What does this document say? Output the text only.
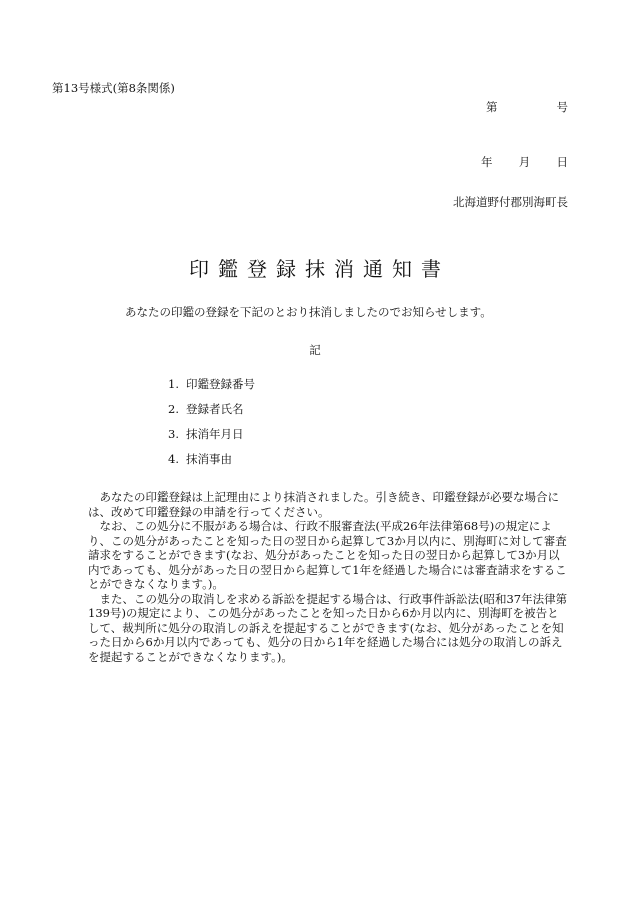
第13号様式(第8条関係)
第	号
年 月 日
北海道野付郡別海町長
印鑑登録抹消通知書
あなたの印鑑の登録を下記のとおり抹消しましたのでお知らせします。
記
1. 印鑑登録番号
2. 登録者氏名
3. 抹消年月日
4. 抹消事由

あなたの印鑑登録は上記理由により抹消されました。引き続き、印鑑登録が必要な場合には、改めて印鑑登録の申請を行ってください。

なお、この処分に不服がある場合は、行政不服審査法(平成26年法律第68号)の規定により、この処分があったことを知った日の翌日から起算して3か月以内に、別海町に対して審査請求をすることができます(なお、処分があったことを知った日の翌日から起算して3か月以内であっても、処分があった日の翌日から起算して1年を経過した場合には審査請求をすることができなくなります。)。

また、この処分の取消しを求める訴訟を提起する場合は、行政事件訴訟法(昭和37年法律第139号)の規定により、この処分があったことを知った日から6か月以内に、別海町を被告として、裁判所に処分の取消しの訴えを提起することができます(なお、処分があったことを知った日から6か月以内であっても、処分の日から1年を経過した場合には処分の取消しの訴えを提起することができなくなります。)。
